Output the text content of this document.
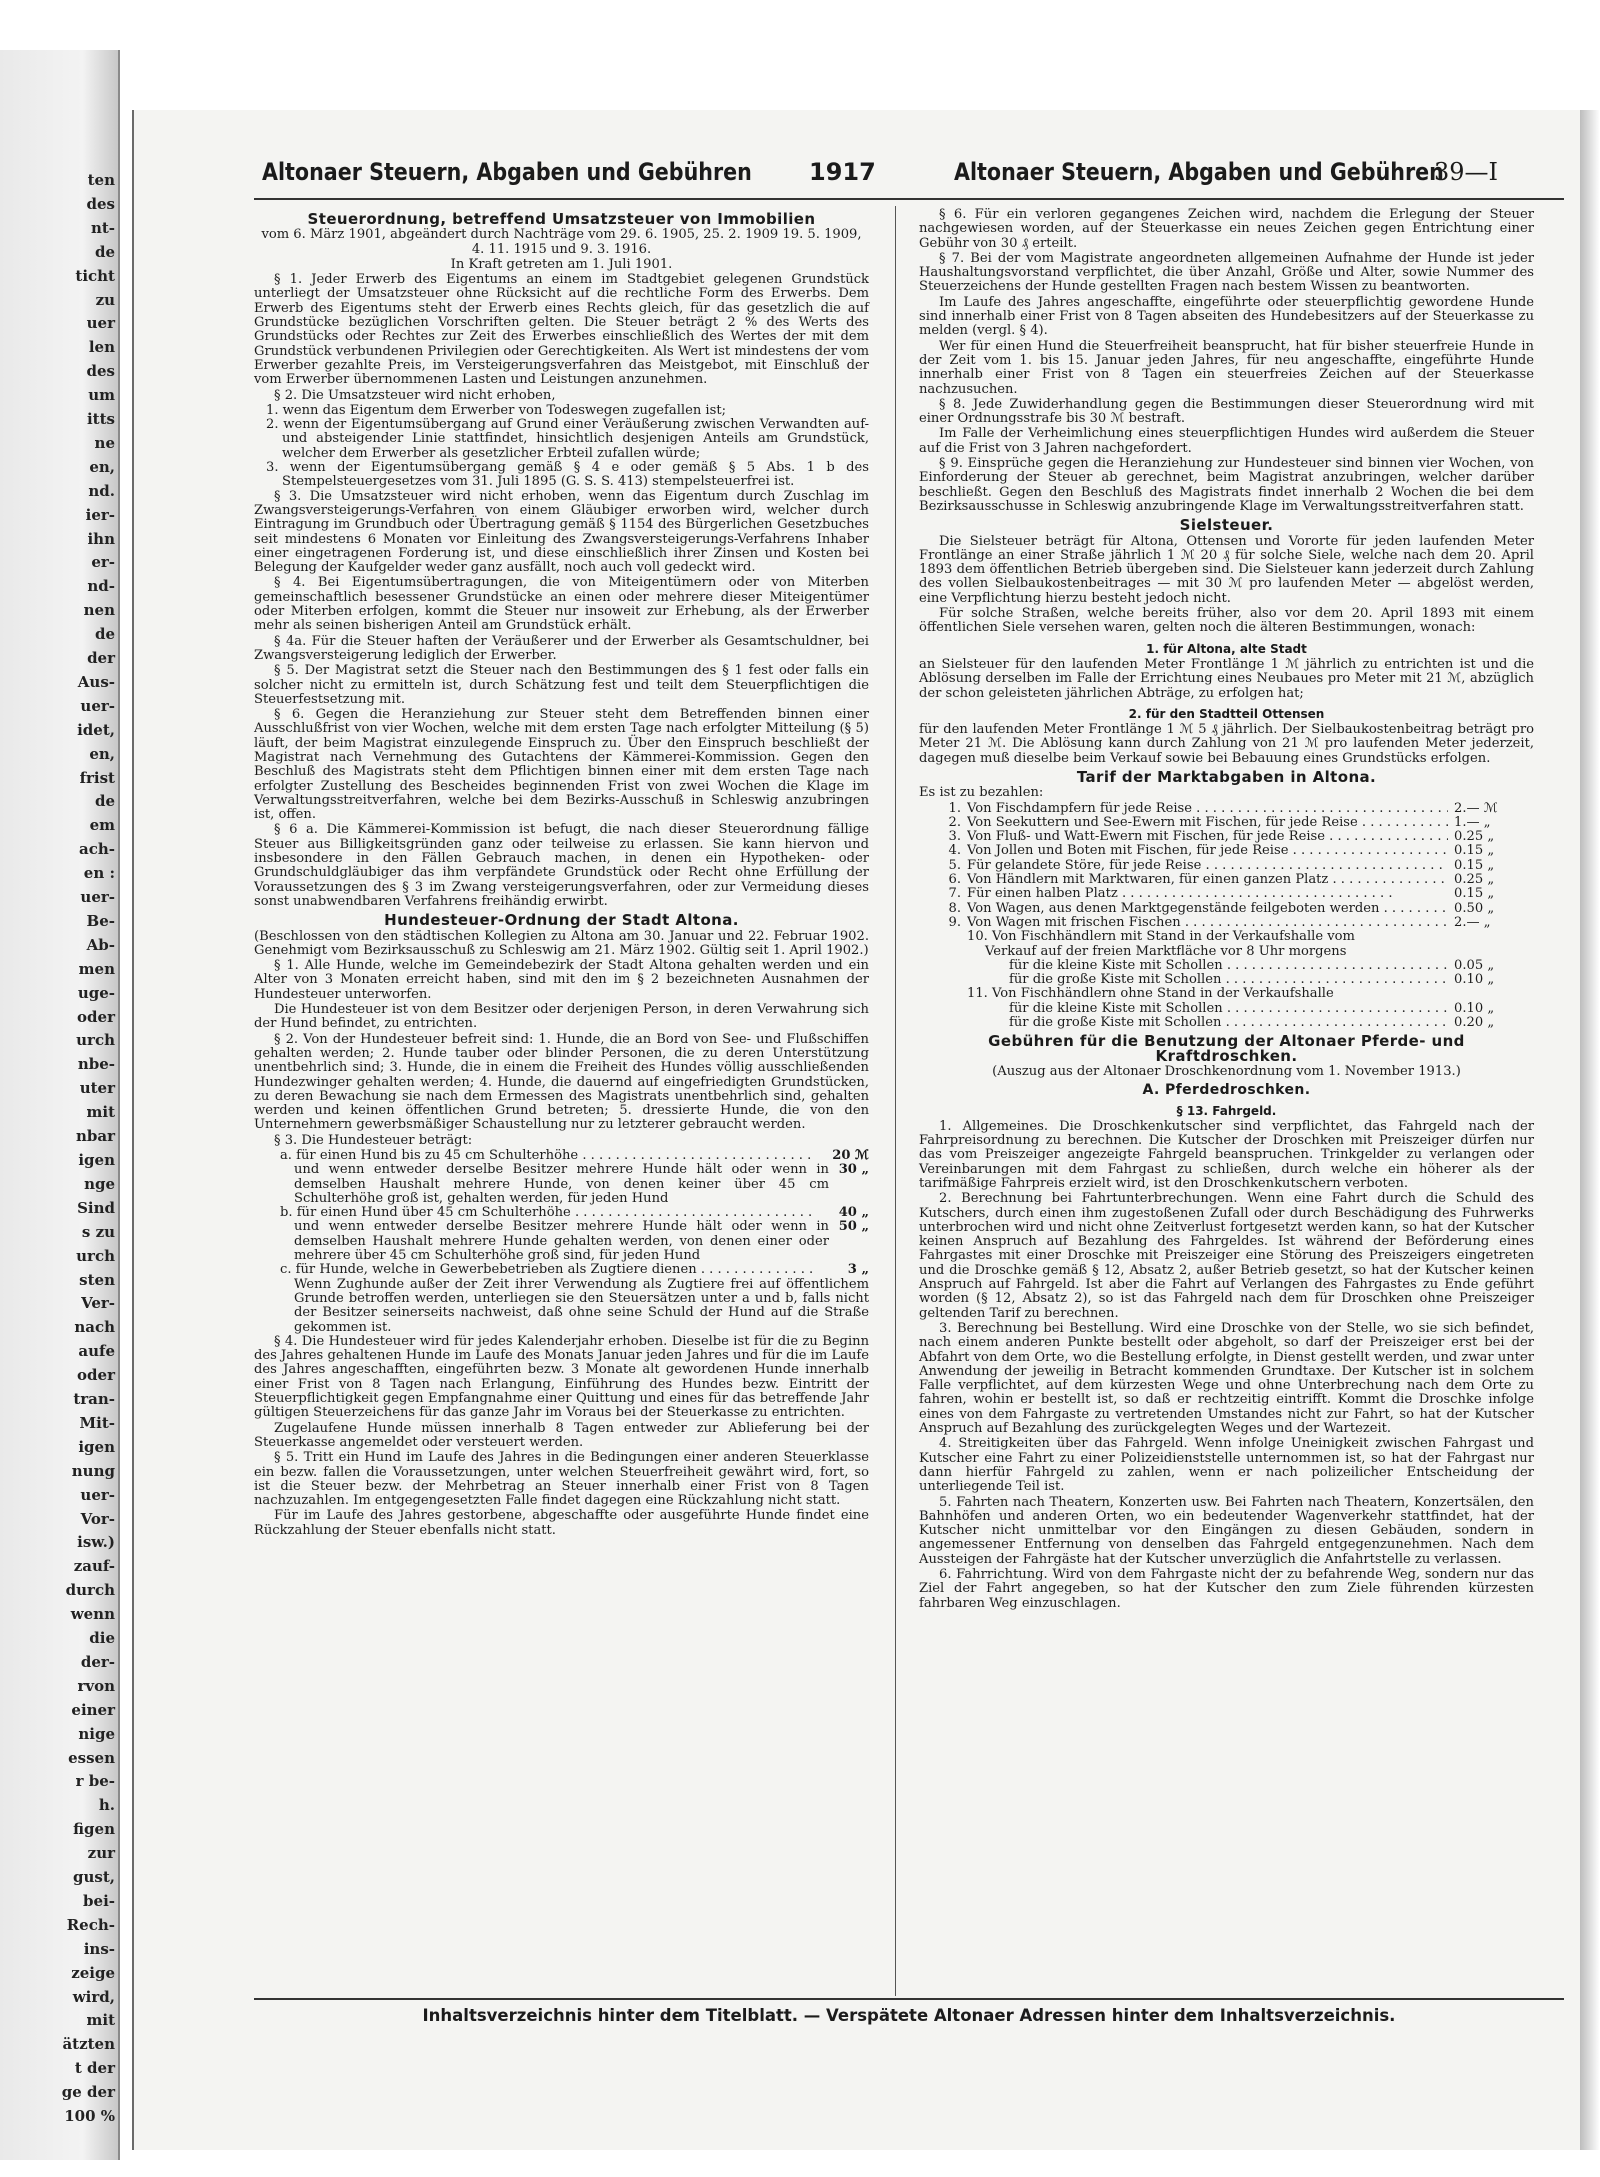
ten
des
nt-
de
ticht
zu
uer
len
des
um
itts
ne
en,
nd.
ier-
ihn
er-
nd-
nen
de
der
Aus-
uer-
idet,
en,
frist
de
em
ach-
en :
uer-
Be-
Ab-
men
uge-
oder
urch
nbe-
uter
mit
nbar
igen
nge
Sind
s zu
urch
sten
Ver-
nach
aufe
oder
tran-
Mit-
igen
nung
uer-
Vor-
isw.)
zauf-
durch
wenn
die
der-
rvon
einer
nige
essen
r be-
h.
figen
zur
gust,
bei-
Rech-
ins-
zeige
wird,
mit
ätzten
t der
ge der
100 %
Altonaer Steuern, Abgaben und Gebühren 1917	Altonaer Steuern, Abgaben und Gebühren
39—I
Steuerordnung, betreffend Umsatzsteuer von Immobilien

vom 6. März 1901, abgeändert durch Nachträge vom 29. 6. 1905, 25. 2. 1909 19. 5. 1909, 4. 11. 1915 und 9. 3. 1916.

In Kraft getreten am 1. Juli 1901.

§ 1. Jeder Erwerb des Eigentums an einem im Stadtgebiet gelegenen Grundstück unterliegt der Umsatzsteuer ohne Rücksicht auf die rechtliche Form des Erwerbs. Dem Erwerb des Eigentums steht der Erwerb eines Rechts gleich, für das gesetzlich die auf Grundstücke bezüglichen Vorschriften gelten. Die Steuer beträgt 2 % des Werts des Grundstücks oder Rechtes zur Zeit des Erwerbes einschließlich des Wertes der mit dem Grundstück verbundenen Privilegien oder Gerechtigkeiten. Als Wert ist mindestens der vom Erwerber gezahlte Preis, im Versteigerungsverfahren das Meistgebot, mit Einschluß der vom Erwerber übernommenen Lasten und Leistungen anzunehmen.

§ 2. Die Umsatzsteuer wird nicht erhoben,

1. wenn das Eigentum dem Erwerber von Todeswegen zugefallen ist;
2. wenn der Eigentumsübergang auf Grund einer Veräußerung zwischen Verwandten auf- und absteigender Linie stattfindet, hinsichtlich desjenigen Anteils am Grundstück, welcher dem Erwerber als gesetzlicher Erbteil zufallen würde;
3. wenn der Eigentumsübergang gemäß § 4 e oder gemäß § 5 Abs. 1 b des Stempelsteuergesetzes vom 31. Juli 1895 (G. S. S. 413) stempelsteuerfrei ist.

§ 3. Die Umsatzsteuer wird nicht erhoben, wenn das Eigentum durch Zuschlag im Zwangsversteigerungs-Verfahren von einem Gläubiger erworben wird, welcher durch Eintragung im Grundbuch oder Übertragung gemäß § 1154 des Bürgerlichen Gesetzbuches seit mindestens 6 Monaten vor Einleitung des Zwangsversteigerungs-Verfahrens Inhaber einer eingetragenen Forderung ist, und diese einschließlich ihrer Zinsen und Kosten bei Belegung der Kaufgelder weder ganz ausfällt, noch auch voll gedeckt wird.

§ 4. Bei Eigentumsübertragungen, die von Miteigentümern oder von Miterben gemeinschaftlich besessener Grundstücke an einen oder mehrere dieser Miteigentümer oder Miterben erfolgen, kommt die Steuer nur insoweit zur Erhebung, als der Erwerber mehr als seinen bisherigen Anteil am Grundstück erhält.

§ 4a. Für die Steuer haften der Veräußerer und der Erwerber als Gesamtschuldner, bei Zwangsversteigerung lediglich der Erwerber.

§ 5. Der Magistrat setzt die Steuer nach den Bestimmungen des § 1 fest oder falls ein solcher nicht zu ermitteln ist, durch Schätzung fest und teilt dem Steuerpflichtigen die Steuerfestsetzung mit.

§ 6. Gegen die Heranziehung zur Steuer steht dem Betreffenden binnen einer Ausschlußfrist von vier Wochen, welche mit dem ersten Tage nach erfolgter Mitteilung (§ 5) läuft, der beim Magistrat einzulegende Einspruch zu. Über den Einspruch beschließt der Magistrat nach Vernehmung des Gutachtens der Kämmerei-Kommission. Gegen den Beschluß des Magistrats steht dem Pflichtigen binnen einer mit dem ersten Tage nach erfolgter Zustellung des Bescheides beginnenden Frist von zwei Wochen die Klage im Verwaltungsstreitverfahren, welche bei dem Bezirks-Ausschuß in Schleswig anzubringen ist, offen.

§ 6 a. Die Kämmerei-Kommission ist befugt, die nach dieser Steuerordnung fällige Steuer aus Billigkeitsgründen ganz oder teilweise zu erlassen. Sie kann hiervon und insbesondere in den Fällen Gebrauch machen, in denen ein Hypotheken- oder Grundschuldgläubiger das ihm verpfändete Grundstück oder Recht ohne Erfüllung der Voraussetzungen des § 3 im Zwang versteigerungsverfahren, oder zur Vermeidung dieses sonst unabwendbaren Verfahrens freihändig erwirbt.

Hundesteuer-Ordnung der Stadt Altona.

(Beschlossen von den städtischen Kollegien zu Altona am 30. Januar und 22. Februar 1902. Genehmigt vom Bezirksausschuß zu Schleswig am 21. März 1902. Gültig seit 1. April 1902.)

§ 1. Alle Hunde, welche im Gemeindebezirk der Stadt Altona gehalten werden und ein Alter von 3 Monaten erreicht haben, sind mit den im § 2 bezeichneten Ausnahmen der Hundesteuer unterworfen.

Die Hundesteuer ist von dem Besitzer oder derjenigen Person, in deren Verwahrung sich der Hund befindet, zu entrichten.

§ 2. Von der Hundesteuer befreit sind: 1. Hunde, die an Bord von See- und Flußschiffen gehalten werden; 2. Hunde tauber oder blinder Personen, die zu deren Unterstützung unentbehrlich sind; 3. Hunde, die in einem die Freiheit des Hundes völlig ausschließenden Hundezwinger gehalten werden; 4. Hunde, die dauernd auf eingefriedigten Grundstücken, zu deren Bewachung sie nach dem Ermessen des Magistrats unentbehrlich sind, gehalten werden und keinen öffentlichen Grund betreten; 5. dressierte Hunde, die von den Unternehmern gewerbsmäßiger Schaustellung nur zu letzterer gebraucht werden.

§ 3. Die Hundesteuer beträgt:

a. für einen Hund bis zu 45 cm Schulterhöhe . . .	20 ℳ
und wenn entweder derselbe Besitzer mehrere Hunde hält oder wenn in demselben Haushalt mehrere Hunde, von denen keiner über 45 cm Schulterhöhe groß ist, gehalten werden, für jeden Hund
30 „
b. für einen Hund über 45 cm Schulterhöhe . . .	40 „
und wenn entweder derselbe Besitzer mehrere Hunde hält oder wenn in demselben Haushalt mehrere Hunde gehalten werden, von denen einer oder mehrere über 45 cm Schulterhöhe groß sind, für jeden Hund
50 „
c. für Hunde, welche in Gewerbebetrieben als Zugtiere dienen . . .	3 „
Wenn Zughunde außer der Zeit ihrer Verwendung als Zugtiere frei auf öffentlichem Grunde betroffen werden, unterliegen sie den Steuersätzen unter a und b, falls nicht der Besitzer seinerseits nachweist, daß ohne seine Schuld der Hund auf die Straße gekommen ist.

§ 4. Die Hundesteuer wird für jedes Kalenderjahr erhoben. Dieselbe ist für die zu Beginn des Jahres gehaltenen Hunde im Laufe des Monats Januar jeden Jahres und für die im Laufe des Jahres angeschafften, eingeführten bezw. 3 Monate alt gewordenen Hunde innerhalb einer Frist von 8 Tagen nach Erlangung, Einführung des Hundes bezw. Eintritt der Steuerpflichtigkeit gegen Empfangnahme einer Quittung und eines für das betreffende Jahr gültigen Steuerzeichens für das ganze Jahr im Voraus bei der Steuerkasse zu entrichten.

Zugelaufene Hunde müssen innerhalb 8 Tagen entweder zur Ablieferung bei der Steuerkasse angemeldet oder versteuert werden.

§ 5. Tritt ein Hund im Laufe des Jahres in die Bedingungen einer anderen Steuerklasse ein bezw. fallen die Voraussetzungen, unter welchen Steuerfreiheit gewährt wird, fort, so ist die Steuer bezw. der Mehrbetrag an Steuer innerhalb einer Frist von 8 Tagen nachzuzahlen. Im entgegengesetzten Falle findet dagegen eine Rückzahlung nicht statt.

Für im Laufe des Jahres gestorbene, abgeschaffte oder ausgeführte Hunde findet eine Rückzahlung der Steuer ebenfalls nicht statt.

§ 6. Für ein verloren gegangenes Zeichen wird, nachdem die Erlegung der Steuer nachgewiesen worden, auf der Steuerkasse ein neues Zeichen gegen Entrichtung einer Gebühr von 30 ₰ erteilt.

§ 7. Bei der vom Magistrate angeordneten allgemeinen Aufnahme der Hunde ist jeder Haushaltungsvorstand verpflichtet, die über Anzahl, Größe und Alter, sowie Nummer des Steuerzeichens der Hunde gestellten Fragen nach bestem Wissen zu beantworten.

Im Laufe des Jahres angeschaffte, eingeführte oder steuerpflichtig gewordene Hunde sind innerhalb einer Frist von 8 Tagen abseiten des Hundebesitzers auf der Steuerkasse zu melden (vergl. § 4).

Wer für einen Hund die Steuerfreiheit beansprucht, hat für bisher steuerfreie Hunde in der Zeit vom 1. bis 15. Januar jeden Jahres, für neu angeschaffte, eingeführte Hunde innerhalb einer Frist von 8 Tagen ein steuerfreies Zeichen auf der Steuerkasse nachzusuchen.

§ 8. Jede Zuwiderhandlung gegen die Bestimmungen dieser Steuerordnung wird mit einer Ordnungsstrafe bis 30 ℳ bestraft.

Im Falle der Verheimlichung eines steuerpflichtigen Hundes wird außerdem die Steuer auf die Frist von 3 Jahren nachgefordert.

§ 9. Einsprüche gegen die Heranziehung zur Hundesteuer sind binnen vier Wochen, von Einforderung der Steuer ab gerechnet, beim Magistrat anzubringen, welcher darüber beschließt. Gegen den Beschluß des Magistrats findet innerhalb 2 Wochen die bei dem Bezirksausschusse in Schleswig anzubringende Klage im Verwaltungsstreitverfahren statt.

Sielsteuer.

Die Sielsteuer beträgt für Altona, Ottensen und Vororte für jeden laufenden Meter Frontlänge an einer Straße jährlich 1 ℳ 20 ₰ für solche Siele, welche nach dem 20. April 1893 dem öffentlichen Betrieb übergeben sind. Die Sielsteuer kann jederzeit durch Zahlung des vollen Sielbaukostenbeitrages — mit 30 ℳ pro laufenden Meter — abgelöst werden, eine Verpflichtung hierzu besteht jedoch nicht.

Für solche Straßen, welche bereits früher, also vor dem 20. April 1893 mit einem öffentlichen Siele versehen waren, gelten noch die älteren Bestimmungen, wonach:

1. für Altona, alte Stadt

an Sielsteuer für den laufenden Meter Frontlänge 1 ℳ jährlich zu entrichten ist und die Ablösung derselben im Falle der Errichtung eines Neubaues pro Meter mit 21 ℳ, abzüglich der schon geleisteten jährlichen Abträge, zu erfolgen hat;

2. für den Stadtteil Ottensen

für den laufenden Meter Frontlänge 1 ℳ 5 ₰ jährlich. Der Sielbaukostenbeitrag beträgt pro Meter 21 ℳ. Die Ablösung kann durch Zahlung von 21 ℳ pro laufenden Meter jederzeit, dagegen muß dieselbe beim Verkauf sowie bei Bebauung eines Grundstücks erfolgen.

Tarif der Marktabgaben in Altona.

Es ist zu bezahlen:

1. Von Fischdampfern für jede Reise . . .	2.— ℳ
2. Von Seekuttern und See-Ewern mit Fischen, für jede Reise . . .	1.— „
3. Von Fluß- und Watt-Ewern mit Fischen, für jede Reise . . .	0.25 „
4. Von Jollen und Boten mit Fischen, für jede Reise . . .	0.15 „
5. Für gelandete Störe, für jede Reise . . .	0.15 „
6. Von Händlern mit Marktwaren, für einen ganzen Platz . . .	0.25 „
7. Für einen halben Platz . . .	0.15 „
8. Von Wagen, aus denen Marktgegenstände feilgeboten werden . . .	0.50 „
9. Von Wagen mit frischen Fischen . . .	2.— „
10. Von Fischhändlern mit Stand in der Verkaufshalle vom
Verkauf auf der freien Marktfläche vor 8 Uhr morgens
für die kleine Kiste mit Schollen . . .	0.05 „
für die große Kiste mit Schollen . . .	0.10 „
11. Von Fischhändlern ohne Stand in der Verkaufshalle
für die kleine Kiste mit Schollen . . .	0.10 „
für die große Kiste mit Schollen . . .	0.20 „
Gebühren für die Benutzung der Altonaer Pferde- und Kraftdroschken.

(Auszug aus der Altonaer Droschkenordnung vom 1. November 1913.)

A. Pferdedroschken.
§ 13. Fahrgeld.

1. Allgemeines. Die Droschkenkutscher sind verpflichtet, das Fahrgeld nach der Fahrpreisordnung zu berechnen. Die Kutscher der Droschken mit Preiszeiger dürfen nur das vom Preiszeiger angezeigte Fahrgeld beanspruchen. Trinkgelder zu verlangen oder Vereinbarungen mit dem Fahrgast zu schließen, durch welche ein höherer als der tarifmäßige Fahrpreis erzielt wird, ist den Droschkenkutschern verboten.

2. Berechnung bei Fahrtunterbrechungen. Wenn eine Fahrt durch die Schuld des Kutschers, durch einen ihm zugestoßenen Zufall oder durch Beschädigung des Fuhrwerks unterbrochen wird und nicht ohne Zeitverlust fortgesetzt werden kann, so hat der Kutscher keinen Anspruch auf Bezahlung des Fahrgeldes. Ist während der Beförderung eines Fahrgastes mit einer Droschke mit Preiszeiger eine Störung des Preiszeigers eingetreten und die Droschke gemäß § 12, Absatz 2, außer Betrieb gesetzt, so hat der Kutscher keinen Anspruch auf Fahrgeld. Ist aber die Fahrt auf Verlangen des Fahrgastes zu Ende geführt worden (§ 12, Absatz 2), so ist das Fahrgeld nach dem für Droschken ohne Preiszeiger geltenden Tarif zu berechnen.

3. Berechnung bei Bestellung. Wird eine Droschke von der Stelle, wo sie sich befindet, nach einem anderen Punkte bestellt oder abgeholt, so darf der Preiszeiger erst bei der Abfahrt von dem Orte, wo die Bestellung erfolgte, in Dienst gestellt werden, und zwar unter Anwendung der jeweilig in Betracht kommenden Grundtaxe. Der Kutscher ist in solchem Falle verpflichtet, auf dem kürzesten Wege und ohne Unterbrechung nach dem Orte zu fahren, wohin er bestellt ist, so daß er rechtzeitig eintrifft. Kommt die Droschke infolge eines von dem Fahrgaste zu vertretenden Umstandes nicht zur Fahrt, so hat der Kutscher Anspruch auf Bezahlung des zurückgelegten Weges und der Wartezeit.

4. Streitigkeiten über das Fahrgeld. Wenn infolge Uneinigkeit zwischen Fahrgast und Kutscher eine Fahrt zu einer Polizeidienststelle unternommen ist, so hat der Fahrgast nur dann hierfür Fahrgeld zu zahlen, wenn er nach polizeilicher Entscheidung der unterliegende Teil ist.

5. Fahrten nach Theatern, Konzerten usw. Bei Fahrten nach Theatern, Konzertsälen, den Bahnhöfen und anderen Orten, wo ein bedeutender Wagenverkehr stattfindet, hat der Kutscher nicht unmittelbar vor den Eingängen zu diesen Gebäuden, sondern in angemessener Entfernung von denselben das Fahrgeld entgegenzunehmen. Nach dem Aussteigen der Fahrgäste hat der Kutscher unverzüglich die Anfahrtstelle zu verlassen.

6. Fahrrichtung. Wird von dem Fahrgaste nicht der zu befahrende Weg, sondern nur das Ziel der Fahrt angegeben, so hat der Kutscher den zum Ziele führenden kürzesten fahrbaren Weg einzuschlagen.

Inhaltsverzeichnis hinter dem Titelblatt. — Verspätete Altonaer Adressen hinter dem Inhaltsverzeichnis.
